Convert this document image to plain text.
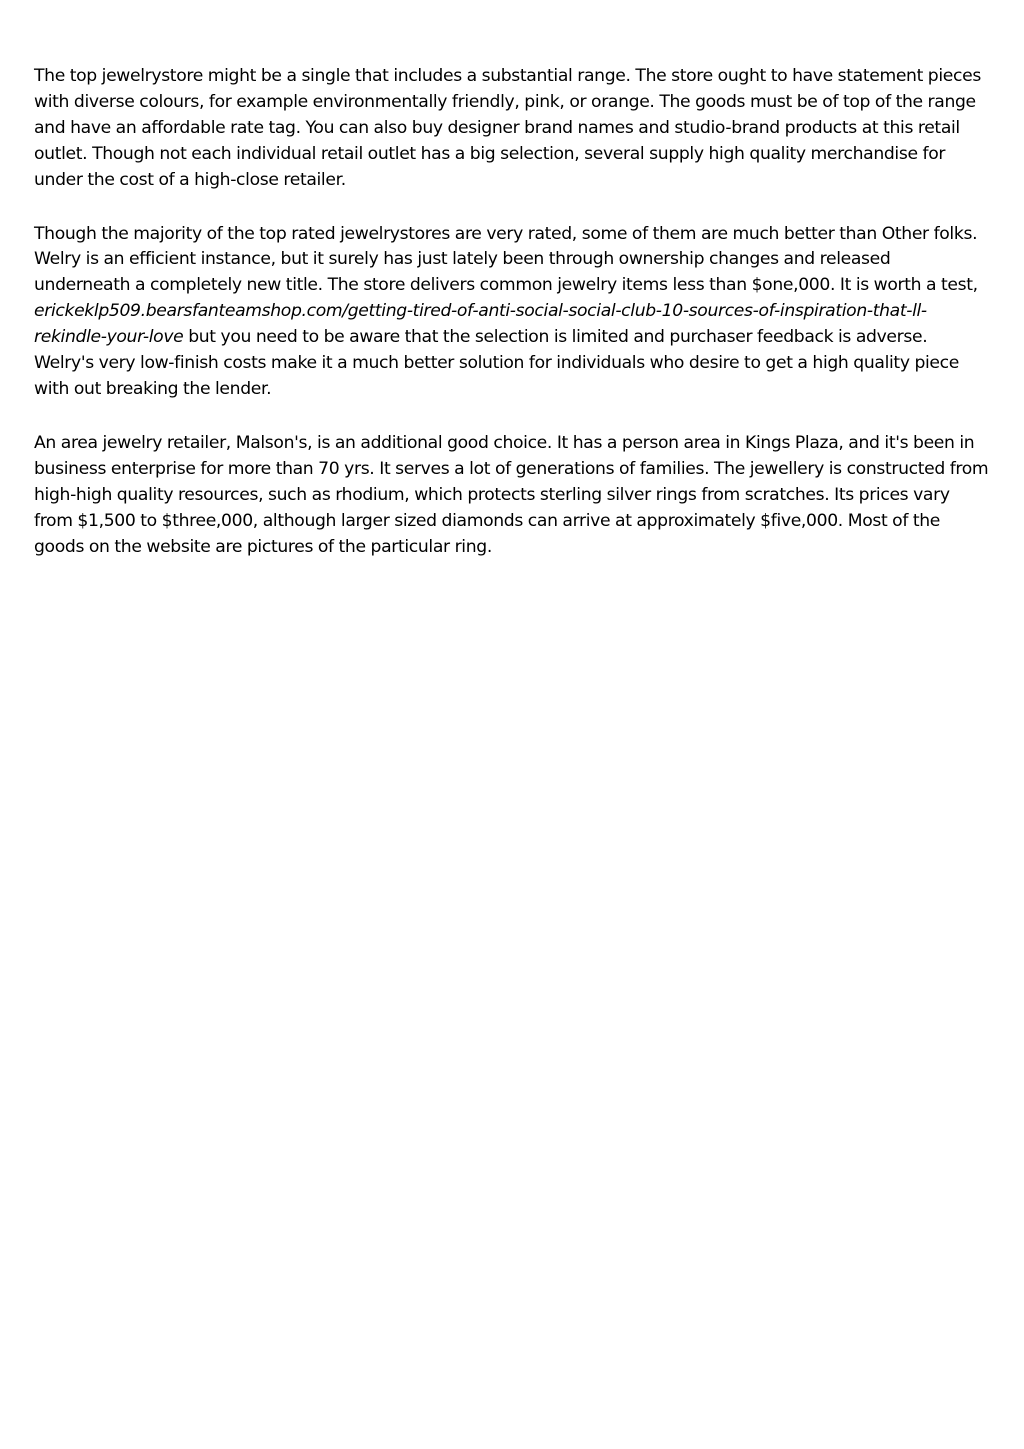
The top jewelrystore might be a single that includes a substantial range. The store ought to have statement pieces with diverse colours, for example environmentally friendly, pink, or orange. The goods must be of top of the range and have an affordable rate tag. You can also buy designer brand names and studio-brand products at this retail outlet. Though not each individual retail outlet has a big selection, several supply high quality merchandise for under the cost of a high-close retailer.

Though the majority of the top rated jewelrystores are very rated, some of them are much better than Other folks. Welry is an efficient instance, but it surely has just lately been through ownership changes and released underneath a completely new title. The store delivers common jewelry items less than $one,000. It is worth a test, erickeklp509.bearsfanteamshop.com/getting-tired-of-anti-social-social-club-10-sources-of-inspiration-that-ll-rekindle-your-love but you need to be aware that the selection is limited and purchaser feedback is adverse. Welry's very low-finish costs make it a much better solution for individuals who desire to get a high quality piece with out breaking the lender.

An area jewelry retailer, Malson's, is an additional good choice. It has a person area in Kings Plaza, and it's been in business enterprise for more than 70 yrs. It serves a lot of generations of families. The jewellery is constructed from high-high quality resources, such as rhodium, which protects sterling silver rings from scratches. Its prices vary from $1,500 to $three,000, although larger sized diamonds can arrive at approximately $five,000. Most of the goods on the website are pictures of the particular ring.
